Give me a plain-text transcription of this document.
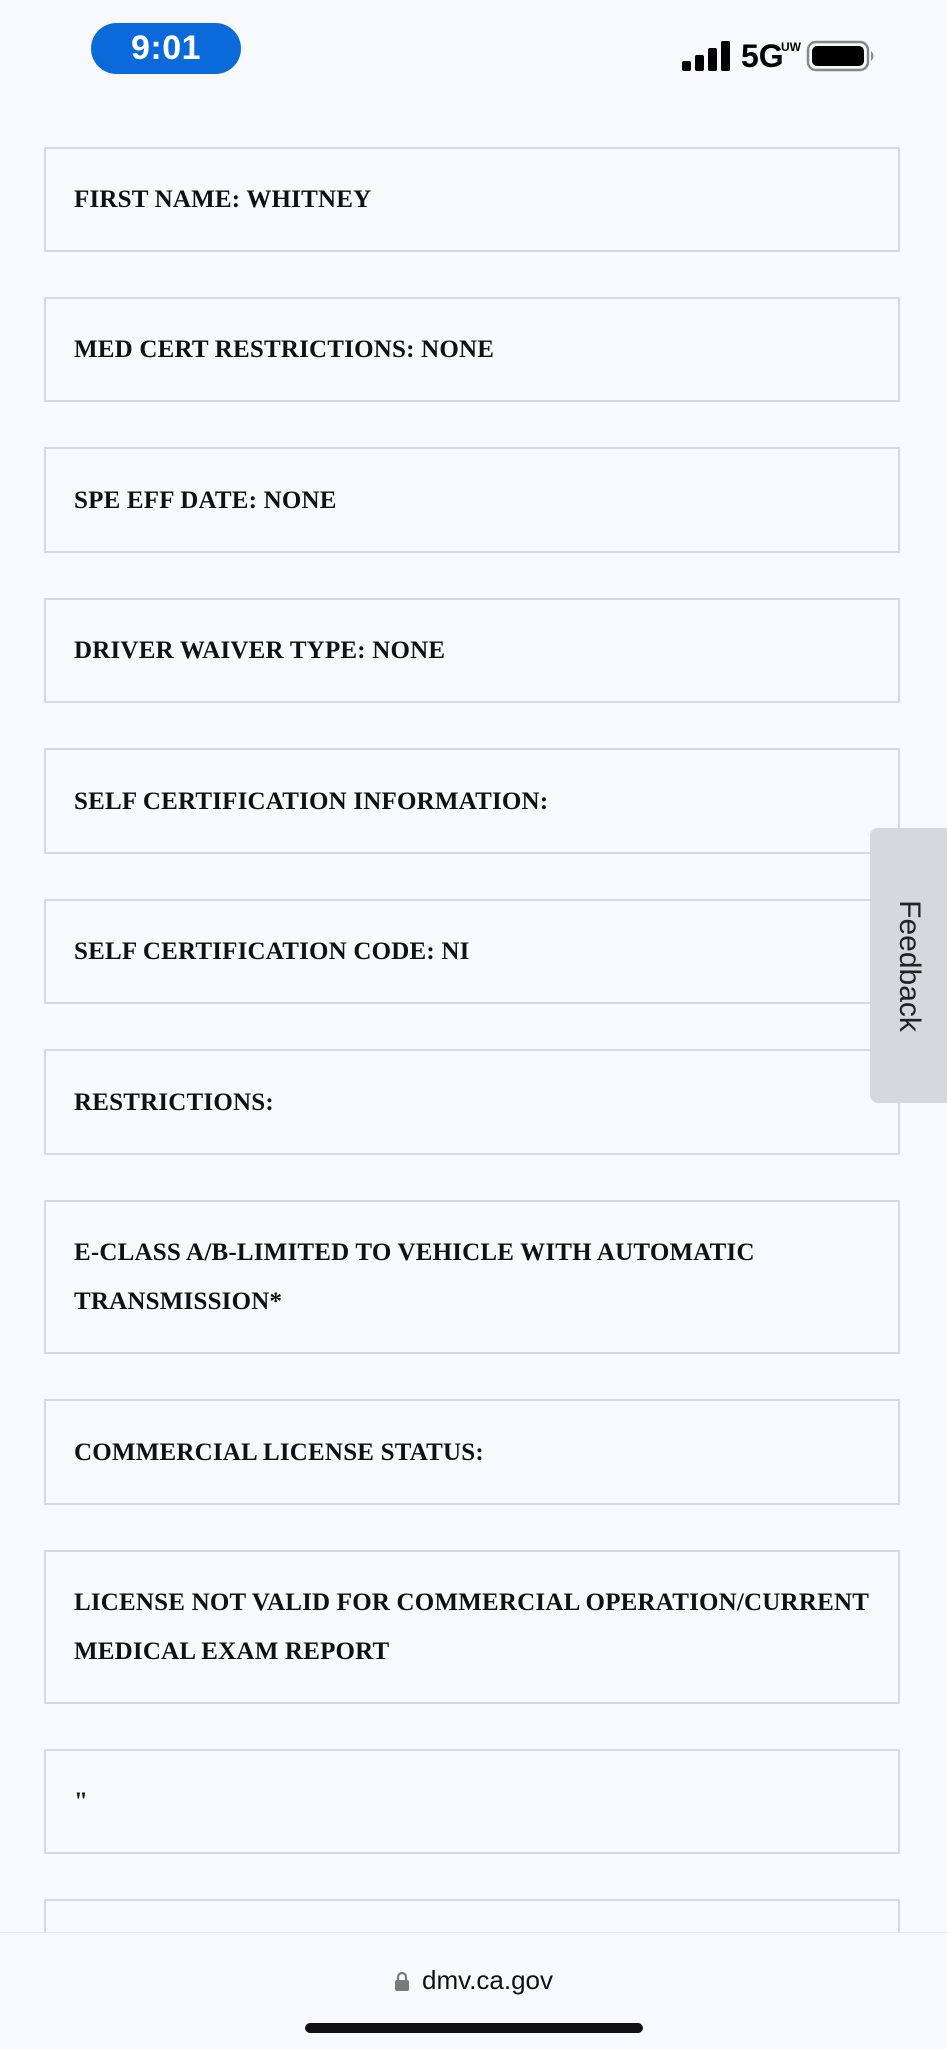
9:01	5G
UW
FIRST NAME: WHITNEY
MED CERT RESTRICTIONS: NONE
SPE EFF DATE: NONE
DRIVER WAIVER TYPE: NONE
SELF CERTIFICATION INFORMATION:
SELF CERTIFICATION CODE: NI
RESTRICTIONS:
E-CLASS A/B-LIMITED TO VEHICLE WITH AUTOMATIC TRANSMISSION*
COMMERCIAL LICENSE STATUS:
LICENSE NOT VALID FOR COMMERCIAL OPERATION/CURRENT MEDICAL EXAM REPORT
"
Feedback
dmv.ca.gov
